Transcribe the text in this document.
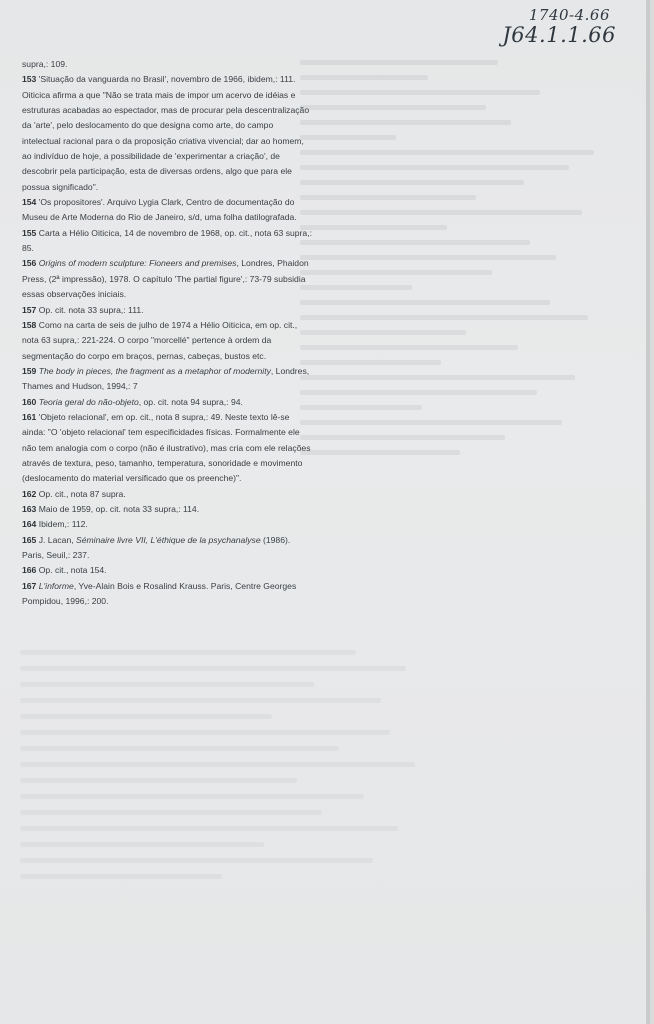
1740-4.66
J64.1.1.66

supra,: 109.

153 'Situação da vanguarda no Brasil', novembro de 1966, ibidem,: 111. Oiticica afirma a que "Não se trata mais de impor um acervo de idéias e estruturas acabadas ao espectador, mas de procurar pela descentralização da 'arte', pelo deslocamento do que designa como arte, do campo intelectual racional para o da proposição criativa vivencial; dar ao homem, ao indivíduo de hoje, a possibilidade de 'experimentar a criação', de descobrir pela participação, esta de diversas ordens, algo que para ele possua significado".

154 'Os propositores'. Arquivo Lygia Clark, Centro de documentação do Museu de Arte Moderna do Rio de Janeiro, s/d, uma folha datilografada.

155 Carta a Hélio Oiticica, 14 de novembro de 1968, op. cit., nota 63 supra,: 85.

156 Origins of modern sculpture: Fioneers and premises, Londres, Phaidon Press, (2ª impressão), 1978. O capítulo 'The partial figure',: 73-79 subsidia essas observações iniciais.

157 Op. cit. nota 33 supra,: 111.

158 Como na carta de seis de julho de 1974 a Hélio Oiticica, em op. cit., nota 63 supra,: 221-224. O corpo "morcellé" pertence à ordem da segmentação do corpo em braços, pernas, cabeças, bustos etc.

159 The body in pieces, the fragment as a metaphor of modernity, Londres, Thames and Hudson, 1994,: 7

160 Teoria geral do não-objeto, op. cit. nota 94 supra,: 94.

161 'Objeto relacional', em op. cit., nota 8 supra,: 49. Neste texto lê-se ainda: "O 'objeto relacional' tem especificidades físicas. Formalmente ele não tem analogia com o corpo (não é ilustrativo), mas cria com ele relações através de textura, peso, tamanho, temperatura, sonoridade e movimento (deslocamento do material versificado que os preenche)".

162 Op. cit., nota 87 supra.

163 Maio de 1959, op. cit. nota 33 supra,: 114.

164 Ibidem,: 112.

165 J. Lacan, Séminaire livre VII, L'éthique de la psychanalyse (1986). Paris, Seuil,: 237.

166 Op. cit., nota 154.

167 L'informe, Yve-Alain Bois e Rosalind Krauss. Paris, Centre Georges Pompidou, 1996,: 200.
